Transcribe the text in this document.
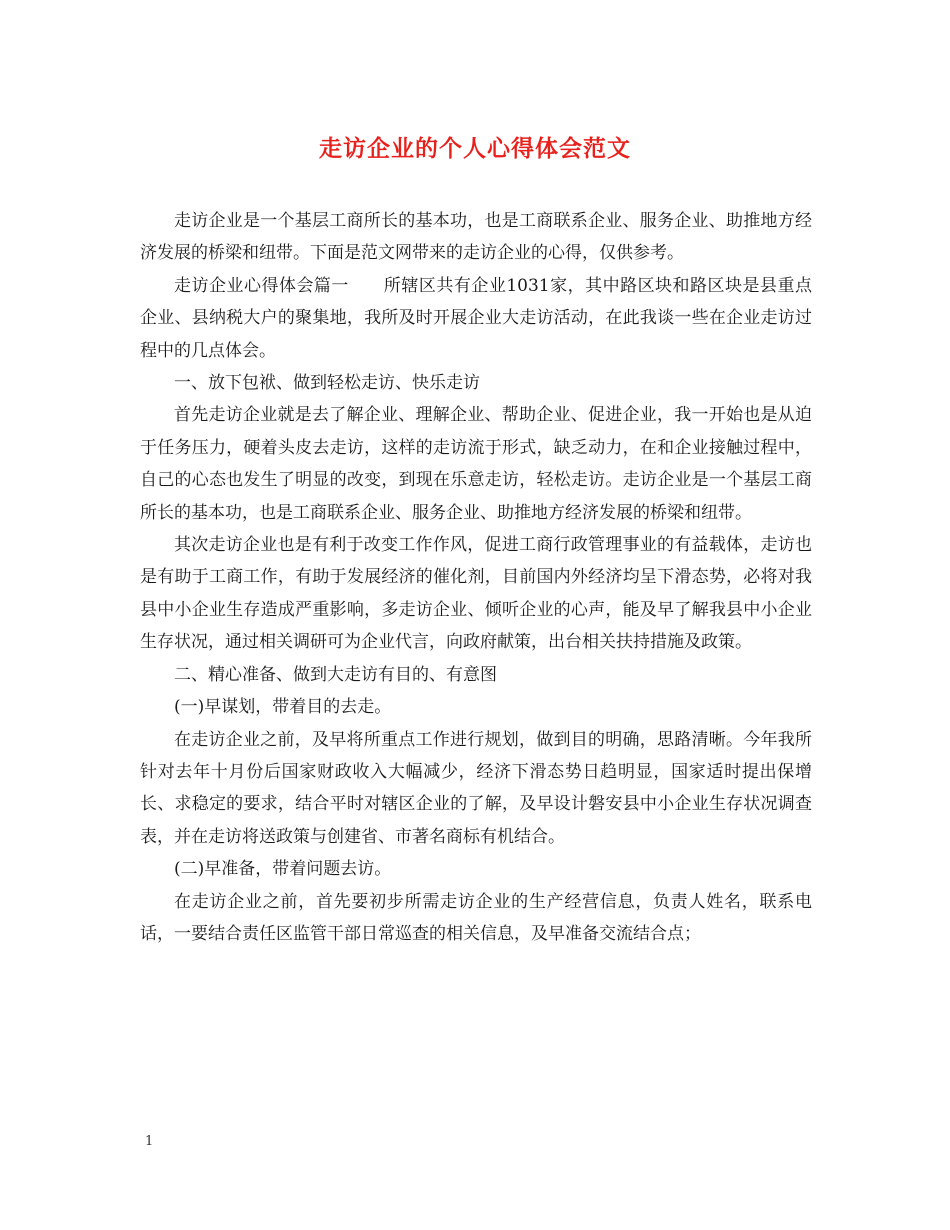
走访企业的个人心得体会范文

走访企业是一个基层工商所长的基本功，也是工商联系企业、服务企业、助推地方经济发展的桥梁和纽带。下面是范文网带来的走访企业的心得，仅供参考。

走访企业心得体会篇一　　所辖区共有企业1031家，其中路区块和路区块是县重点企业、县纳税大户的聚集地，我所及时开展企业大走访活动，在此我谈一些在企业走访过程中的几点体会。

一、放下包袱、做到轻松走访、快乐走访

首先走访企业就是去了解企业、理解企业、帮助企业、促进企业，我一开始也是从迫于任务压力，硬着头皮去走访，这样的走访流于形式，缺乏动力，在和企业接触过程中，自己的心态也发生了明显的改变，到现在乐意走访，轻松走访。走访企业是一个基层工商所长的基本功，也是工商联系企业、服务企业、助推地方经济发展的桥梁和纽带。

其次走访企业也是有利于改变工作作风，促进工商行政管理事业的有益载体，走访也是有助于工商工作，有助于发展经济的催化剂，目前国内外经济均呈下滑态势，必将对我县中小企业生存造成严重影响，多走访企业、倾听企业的心声，能及早了解我县中小企业生存状况，通过相关调研可为企业代言，向政府献策，出台相关扶持措施及政策。

二、精心准备、做到大走访有目的、有意图

(一)早谋划，带着目的去走。

在走访企业之前，及早将所重点工作进行规划，做到目的明确，思路清晰。今年我所针对去年十月份后国家财政收入大幅减少，经济下滑态势日趋明显，国家适时提出保增长、求稳定的要求，结合平时对辖区企业的了解，及早设计磐安县中小企业生存状况调查表，并在走访将送政策与创建省、市著名商标有机结合。

(二)早准备，带着问题去访。

在走访企业之前，首先要初步所需走访企业的生产经营信息，负责人姓名，联系电话，一要结合责任区监管干部日常巡查的相关信息，及早准备交流结合点；

1
